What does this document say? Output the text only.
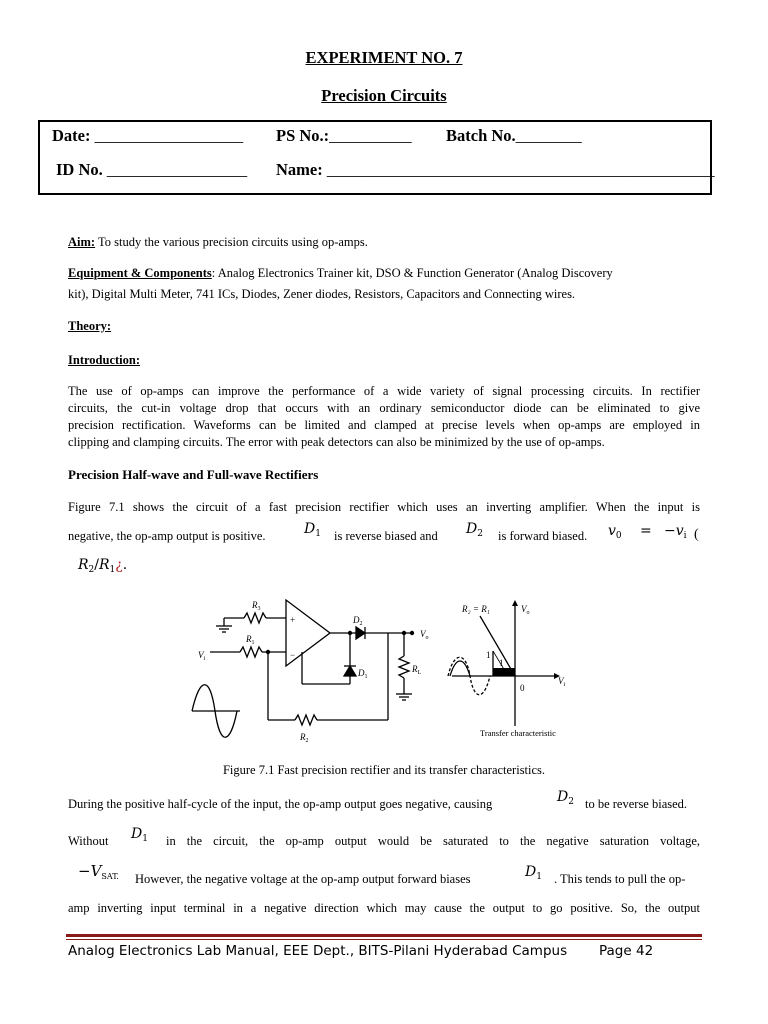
EXPERIMENT NO. 7
Precision Circuits
Date: __________________ PS No.:__________ Batch No.________
ID No. _________________ Name: _______________________________________________
Aim: To study the various precision circuits using op-amps.
Equipment & Components: Analog Electronics Trainer kit, DSO & Function Generator (Analog Discovery
kit), Digital Multi Meter, 741 ICs, Diodes, Zener diodes, Resistors, Capacitors and Connecting wires.
Theory:
Introduction:
The use of op-amps can improve the performance of a wide variety of signal processing circuits. In rectifier
circuits, the cut-in voltage drop that occurs with an ordinary semiconductor diode can be eliminated to give
precision rectification. Waveforms can be limited and clamped at precise levels when op-amps are employed in
clipping and clamping circuits. The error with peak detectors can also be minimized by the use of op-amps.
Precision Half-wave and Full-wave Rectifiers
Figure 7.1 shows the circuit of a fast precision rectifier which uses an inverting amplifier. When the input is
negative, the op-amp output is positive.	$D_1$ is reverse biased and $D_2$ is forward biased. $v_0 = -v_i$ (
$R_2/R_1¿$.
$R_3$
$R_1$
$V_i$
+
−
$D_2$
$D_1$
$V_o$
$R_L$
$R_2$
R₂ = R₁	$V_o$
1
1
0
$V_i$
Transfer characteristic
Figure 7.1 Fast precision rectifier and its transfer characteristics.
During the positive half-cycle of the input, the op-amp output goes negative, causing	$D_2$ to be reverse biased.
Without $D_1$ in the circuit, the op-amp output would be saturated to the negative saturation voltage,
$-V_{SAT.}$ However, the negative voltage at the op-amp output forward biases	$D_1$ . This tends to pull the op-
amp inverting input terminal in a negative direction which may cause the output to go positive. So, the output
Analog Electronics Lab Manual, EEE Dept., BITS-Pilani Hyderabad Campus Page 42
